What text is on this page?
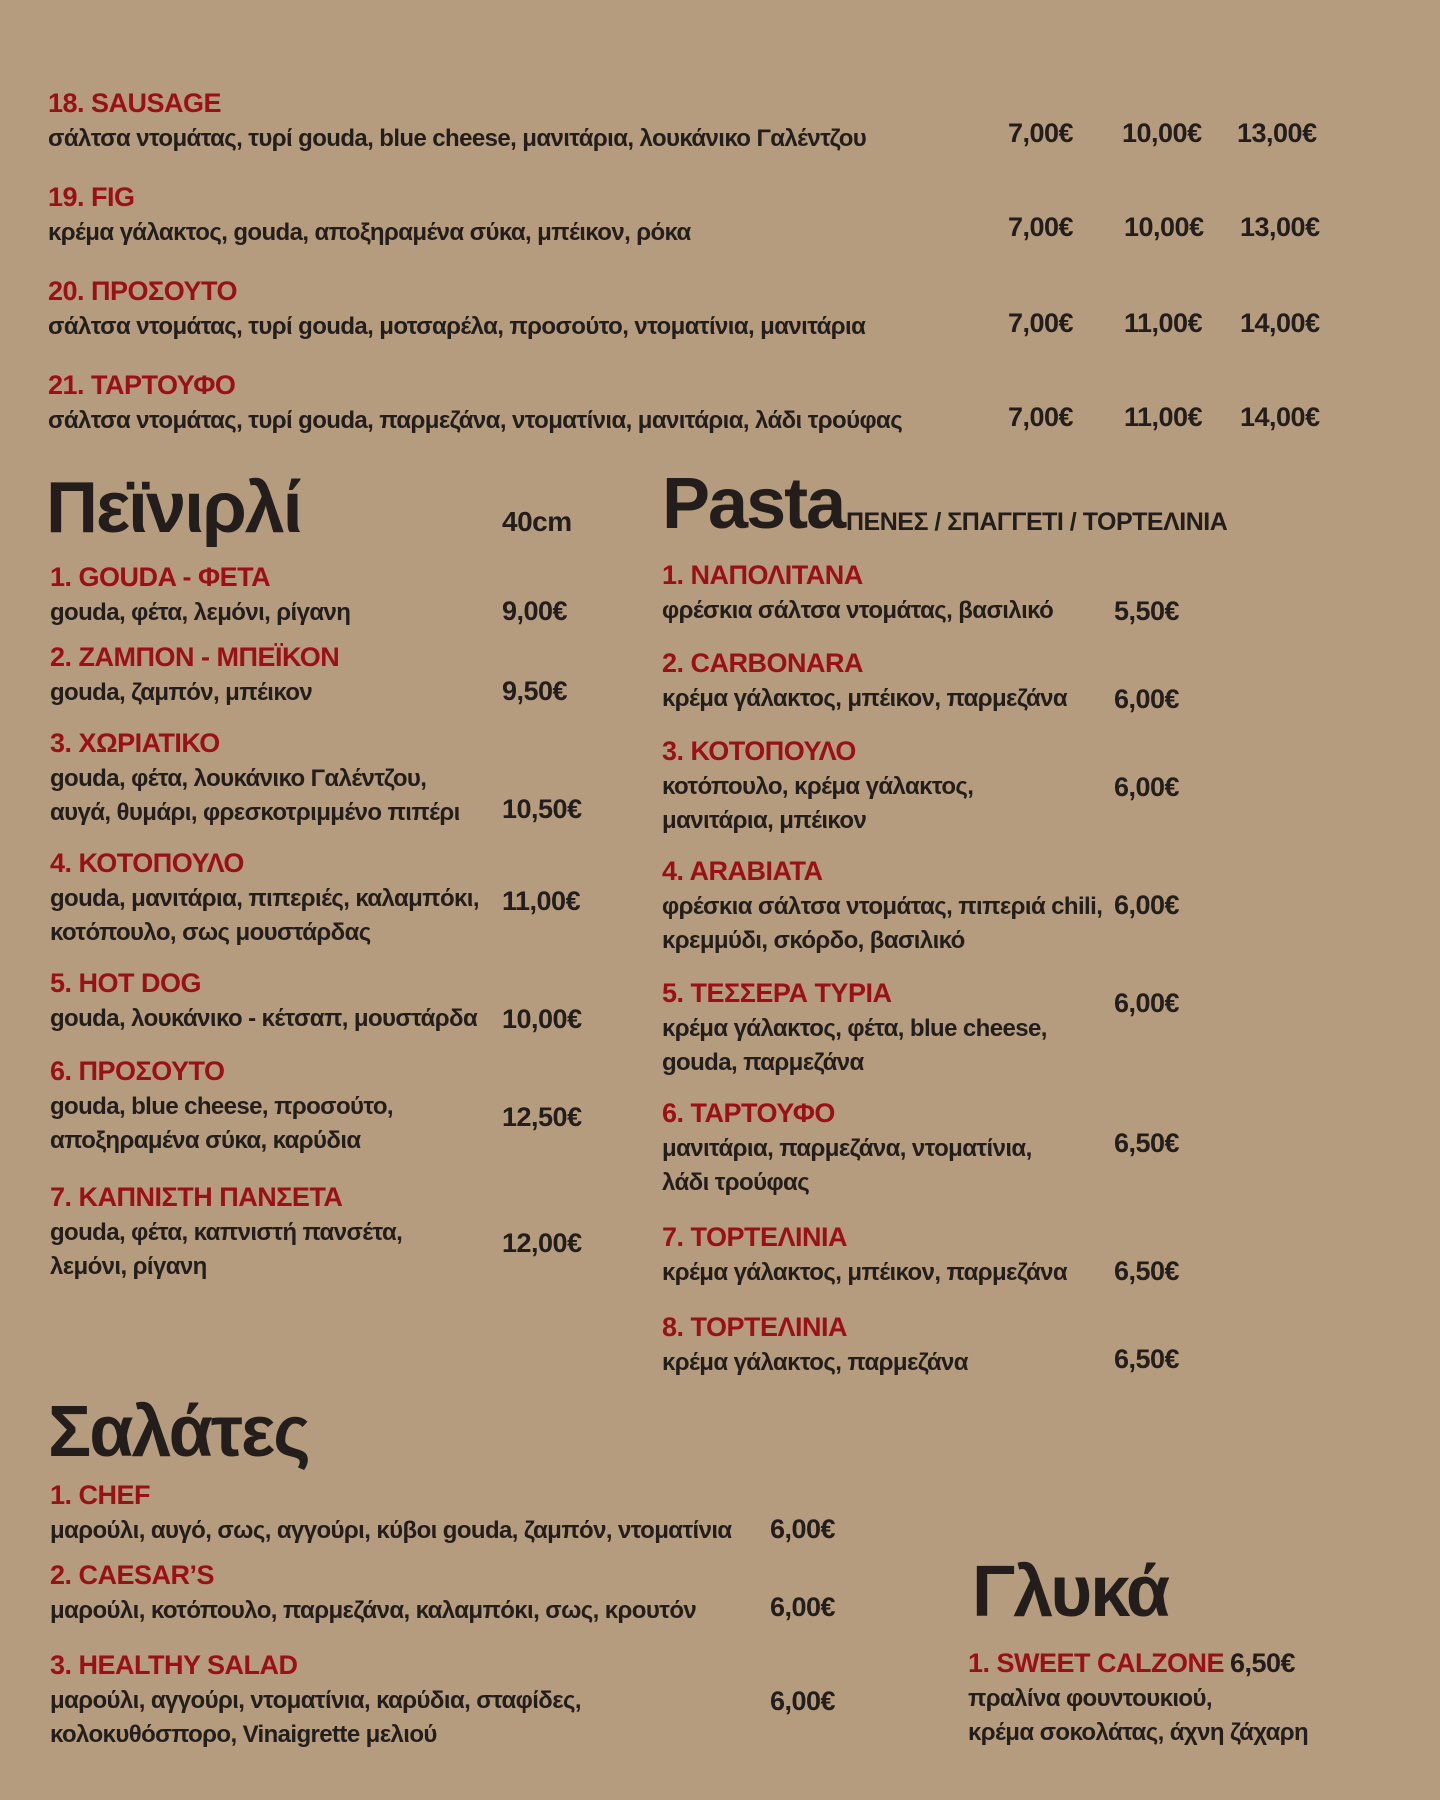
18. SAUSAGE
σάλτσα ντομάτας, τυρί gouda, blue cheese, μανιτάρια, λουκάνικο Γαλέντζου	7,00€ 10,00€ 13,00€
19. FIG
κρέμα γάλακτος, gouda, αποξηραμένα σύκα, μπέικον, ρόκα	7,00€ 10,00€ 13,00€
20. ΠΡΟΣΟΥΤΟ
σάλτσα ντομάτας, τυρί gouda, μοτσαρέλα, προσούτο, ντοματίνια, μανιτάρια	7,00€ 11,00€ 14,00€
21. ΤΑΡΤΟΥΦΟ
σάλτσα ντομάτας, τυρί gouda, παρμεζάνα, ντοματίνια, μανιτάρια, λάδι τρούφας	7,00€ 11,00€ 14,00€
Πεϊνιρλί	40cm
1. GOUDA - ΦΕΤΑ
gouda, φέτα, λεμόνι, ρίγανη	9,00€
2. ΖΑΜΠΟΝ - ΜΠΕΪΚΟΝ
gouda, ζαμπόν, μπέικον	9,50€
3. ΧΩΡΙΑΤΙΚΟ
gouda, φέτα, λουκάνικο Γαλέντζου,
αυγά, θυμάρι, φρεσκοτριμμένο πιπέρι 10,50€
4. ΚΟΤΟΠΟΥΛΟ
gouda, μανιτάρια, πιπεριές, καλαμπόκι,
κοτόπουλο, σως μουστάρδας
11,00€
5. HOT DOG
gouda, λουκάνικο - κέτσαπ, μουστάρδα 10,00€
6. ΠΡΟΣΟΥΤΟ
gouda, blue cheese, προσούτο,
αποξηραμένα σύκα, καρύδια
12,50€
7. ΚΑΠΝΙΣΤΗ ΠΑΝΣΕΤΑ
gouda, φέτα, καπνιστή πανσέτα,
λεμόνι, ρίγανη
12,00€
Pasta ΠΕΝΕΣ / ΣΠΑΓΓΕΤΙ / ΤΟΡΤΕΛΙΝΙΑ
1. ΝΑΠΟΛΙΤΑΝΑ
φρέσκια σάλτσα ντομάτας, βασιλικό 5,50€
2. CARBONARA
κρέμα γάλακτος, μπέικον, παρμεζάνα 6,00€
3. ΚΟΤΟΠΟΥΛΟ
κοτόπουλο, κρέμα γάλακτος,
μανιτάρια, μπέικον
6,00€
4. ARABIATA
φρέσκια σάλτσα ντομάτας, πιπεριά chili,
κρεμμύδι, σκόρδο, βασιλικό
6,00€
5. ΤΕΣΣΕΡΑ ΤΥΡΙΑ
κρέμα γάλακτος, φέτα, blue cheese,
gouda, παρμεζάνα
6,00€
6. ΤΑΡΤΟΥΦΟ
μανιτάρια, παρμεζάνα, ντοματίνια,
λάδι τρούφας
6,50€
7. ΤΟΡΤΕΛΙΝΙΑ
κρέμα γάλακτος, μπέικον, παρμεζάνα 6,50€
8. ΤΟΡΤΕΛΙΝΙΑ
κρέμα γάλακτος, παρμεζάνα	6,50€
Σαλάτες
1. CHEF
μαρούλι, αυγό, σως, αγγούρι, κύβοι gouda, ζαμπόν, ντοματίνια 6,00€
2. CAESAR’S
μαρούλι, κοτόπουλο, παρμεζάνα, καλαμπόκι, σως, κρουτόν	6,00€
3. HEALTHY SALAD
μαρούλι, αγγούρι, ντοματίνια, καρύδια, σταφίδες,
κολοκυθόσπορο, Vinaigrette μελιού
6,00€
Γλυκά
1. SWEET CALZONE 6,50€
πραλίνα φουντουκιού,
κρέμα σοκολάτας, άχνη ζάχαρη
